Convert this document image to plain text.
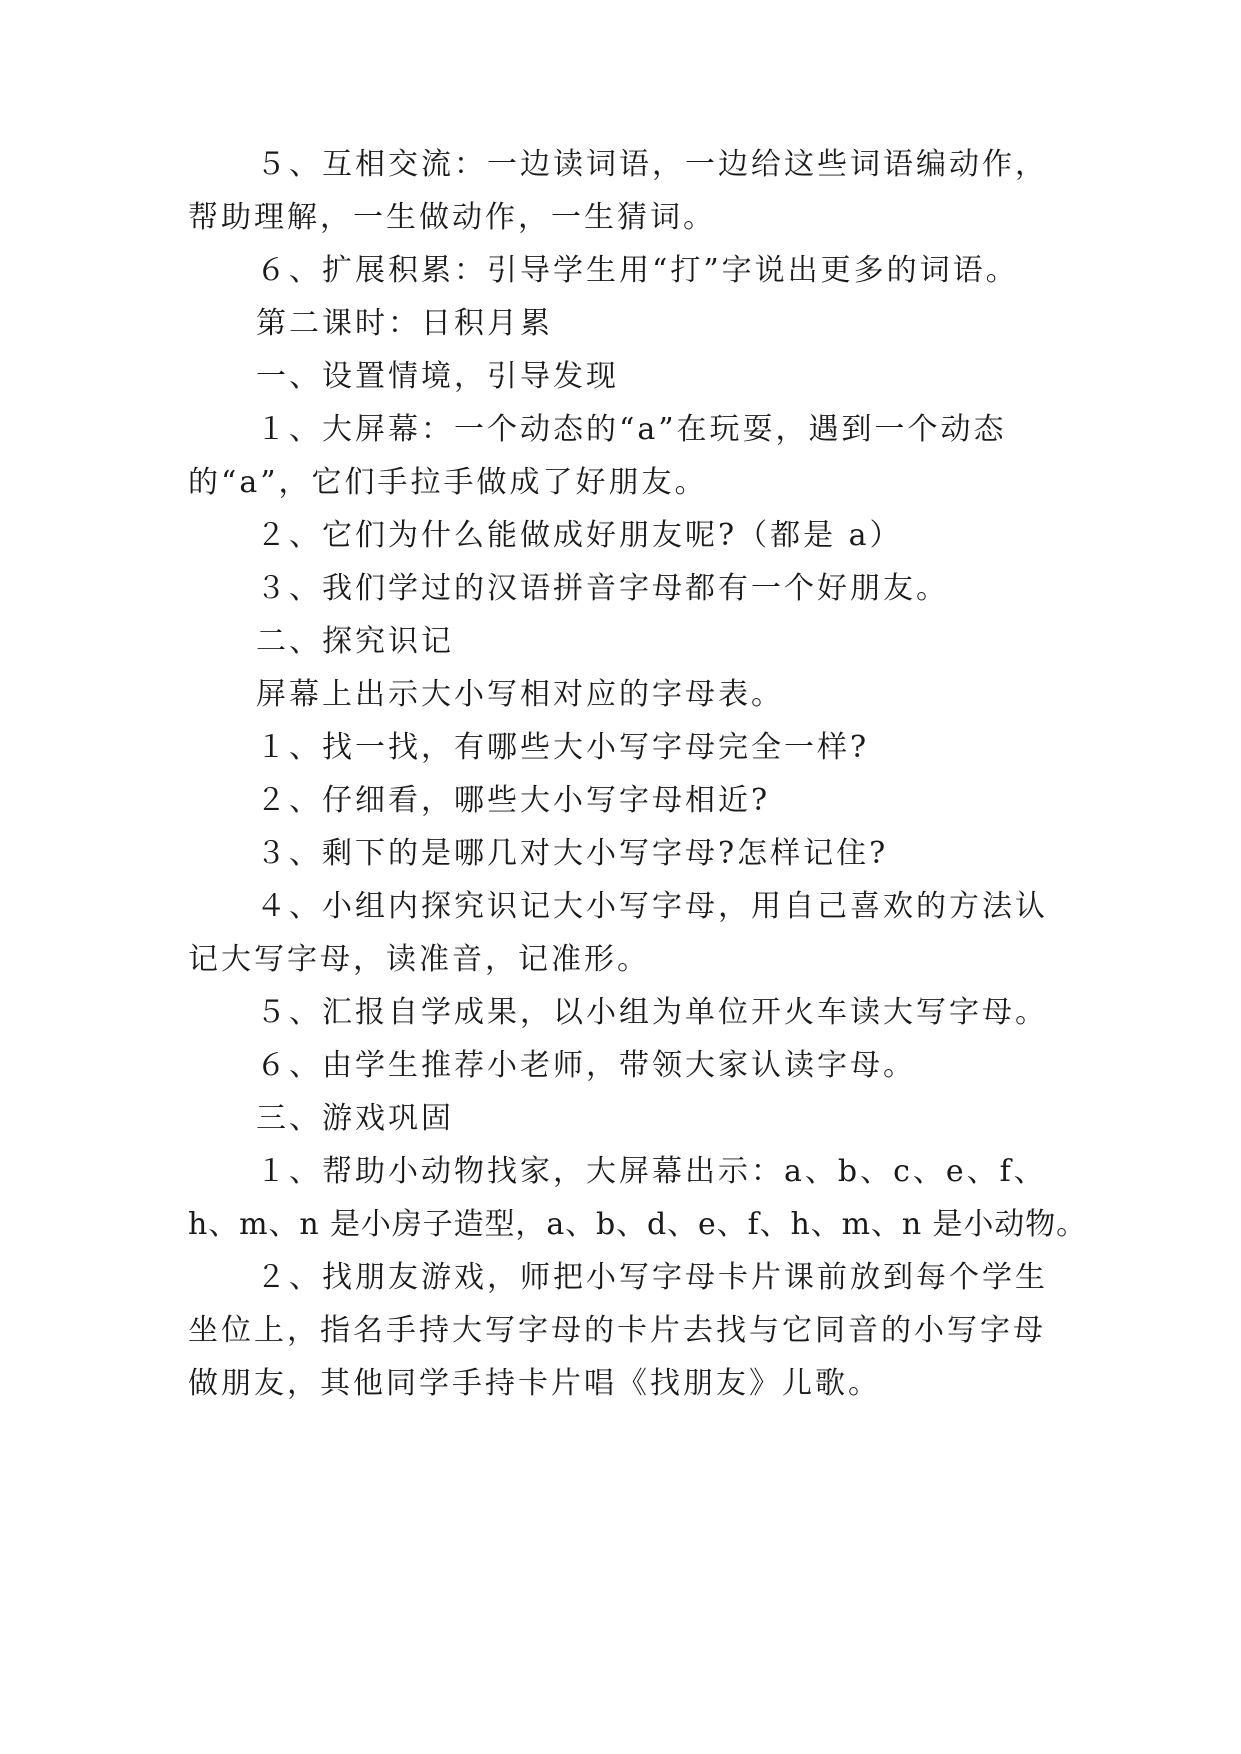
５、互相交流：一边读词语，一边给这些词语编动作，

帮助理解，一生做动作，一生猜词。

６、扩展积累：引导学生用“打”字说出更多的词语。

第二课时：日积月累

一、设置情境，引导发现

１、大屏幕：一个动态的“a”在玩耍，遇到一个动态

的“a”，它们手拉手做成了好朋友。

２、它们为什么能做成好朋友呢?（都是 a）

３、我们学过的汉语拼音字母都有一个好朋友。

二、探究识记

屏幕上出示大小写相对应的字母表。

１、找一找，有哪些大小写字母完全一样?

２、仔细看，哪些大小写字母相近?

３、剩下的是哪几对大小写字母?怎样记住?

４、小组内探究识记大小写字母，用自己喜欢的方法认

记大写字母，读准音，记准形。

５、汇报自学成果，以小组为单位开火车读大写字母。

６、由学生推荐小老师，带领大家认读字母。

三、游戏巩固

１、帮助小动物找家，大屏幕出示：a、b、c、e、f、

h、m、n 是小房子造型，a、b、d、e、f、h、m、n 是小动物。

２、找朋友游戏，师把小写字母卡片课前放到每个学生

坐位上，指名手持大写字母的卡片去找与它同音的小写字母

做朋友，其他同学手持卡片唱《找朋友》儿歌。
